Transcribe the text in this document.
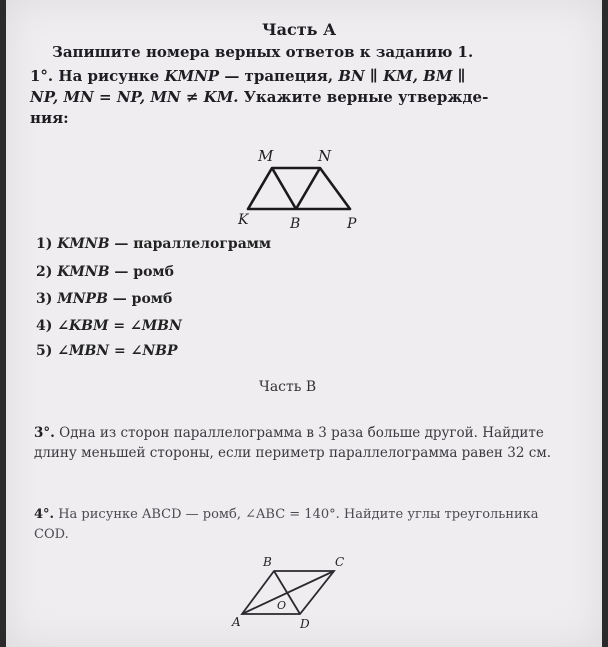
Часть А
Запишите номера верных ответов к заданию 1.
1°. На рисунке KMNP — трапеция, BN ∥ KM, BM ∥
NP, MN = NP, MN ≠ KM. Укажите верные утвержде-
ния:
M	N
K	B	P
1) KMNB — параллелограмм
2) KMNB — ромб
3) MNPB — ромб
4) ∠KBM = ∠MBN
5) ∠MBN = ∠NBP
Часть В
3°. Одна из сторон параллелограмма в 3 раза больше другой. Найдите длину меньшей стороны, если периметр параллелограмма равен 32 см.
4°. На рисунке ABCD — ромб, ∠ABC = 140°. Найдите углы треугольника COD.
B	C
A	D
O
